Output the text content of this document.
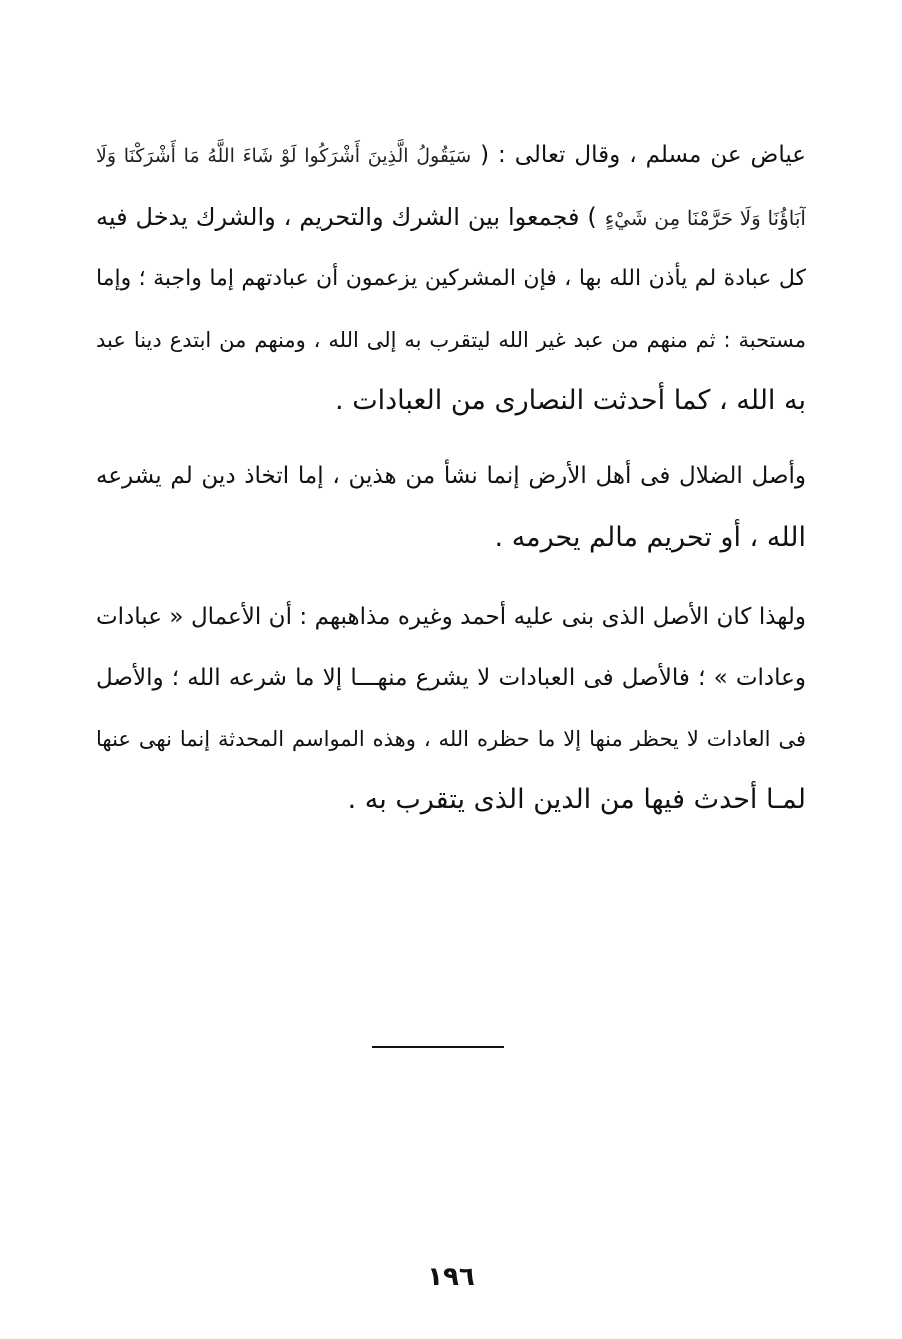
عياض عن مسلم ، وقال تعالى : ( سَيَقُولُ الَّذِينَ أَشْرَكُوا لَوْ شَاءَ اللَّهُ مَا أَشْرَكْنَا وَلَا
آبَاؤُنَا وَلَا حَرَّمْنَا مِن شَيْءٍ ) فجمعوا بين الشرك والتحريم ، والشرك يدخل فيه
كل عبادة لم يأذن الله بها ، فإن المشركين يزعمون أن عبادتهم إما واجبة ؛ وإما
مستحبة : ثم منهم من عبد غير الله ليتقرب به إلى الله ، ومنهم من ابتدع دينا عبد
به الله ، كما أحدثت النصارى من العبادات .
وأصل الضلال فى أهل الأرض إنما نشأ من هذين ، إما اتخاذ دين لم يشرعه
الله ، أو تحريم مالم يحرمه .
ولهذا كان الأصل الذى بنى عليه أحمد وغيره مذاهبهم : أن الأعمال « عبادات
وعادات » ؛ فالأصل فى العبادات لا يشرع منهـــا إلا ما شرعه الله ؛ والأصل
فى العادات لا يحظر منها إلا ما حظره الله ، وهذه المواسم المحدثة إنما نهى عنها
لمـا أحدث فيها من الدين الذى يتقرب به .
١٩٦
